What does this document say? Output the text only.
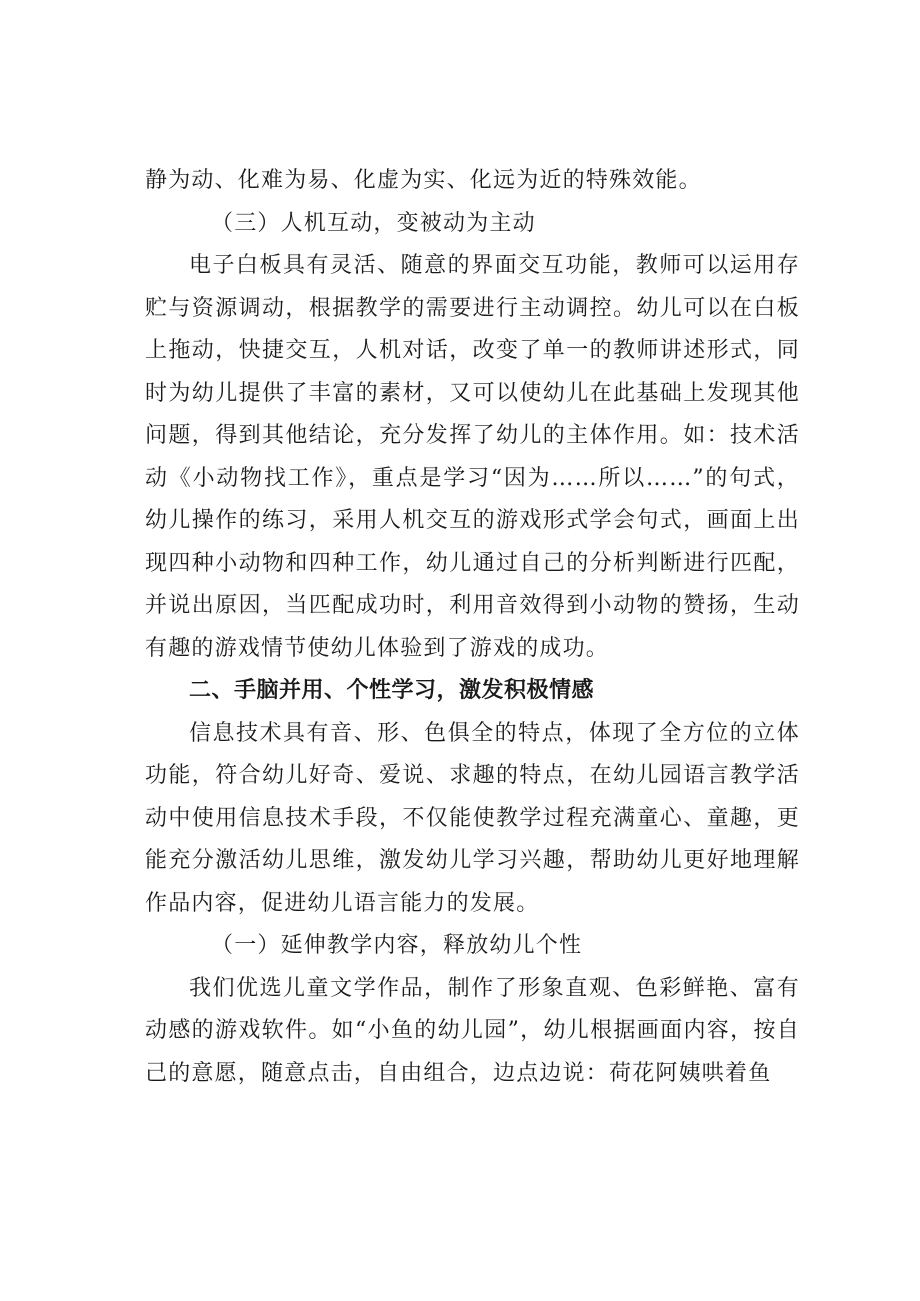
静为动、化难为易、化虚为实、化远为近的特殊效能。

（三）人机互动，变被动为主动

电子白板具有灵活、随意的界面交互功能，教师可以运用存贮与资源调动，根据教学的需要进行主动调控。幼儿可以在白板上拖动，快捷交互，人机对话，改变了单一的教师讲述形式，同时为幼儿提供了丰富的素材，又可以使幼儿在此基础上发现其他问题，得到其他结论，充分发挥了幼儿的主体作用。如：技术活动《小动物找工作》，重点是学习“因为……所以……”的句式，幼儿操作的练习，采用人机交互的游戏形式学会句式，画面上出现四种小动物和四种工作，幼儿通过自己的分析判断进行匹配，并说出原因，当匹配成功时，利用音效得到小动物的赞扬，生动有趣的游戏情节使幼儿体验到了游戏的成功。

二、手脑并用、个性学习，激发积极情感

信息技术具有音、形、色俱全的特点，体现了全方位的立体功能，符合幼儿好奇、爱说、求趣的特点，在幼儿园语言教学活动中使用信息技术手段，不仅能使教学过程充满童心、童趣，更能充分激活幼儿思维，激发幼儿学习兴趣，帮助幼儿更好地理解作品内容，促进幼儿语言能力的发展。

（一）延伸教学内容，释放幼儿个性

我们优选儿童文学作品，制作了形象直观、色彩鲜艳、富有动感的游戏软件。如“小鱼的幼儿园”，幼儿根据画面内容，按自己的意愿，随意点击，自由组合，边点边说：荷花阿姨哄着鱼
